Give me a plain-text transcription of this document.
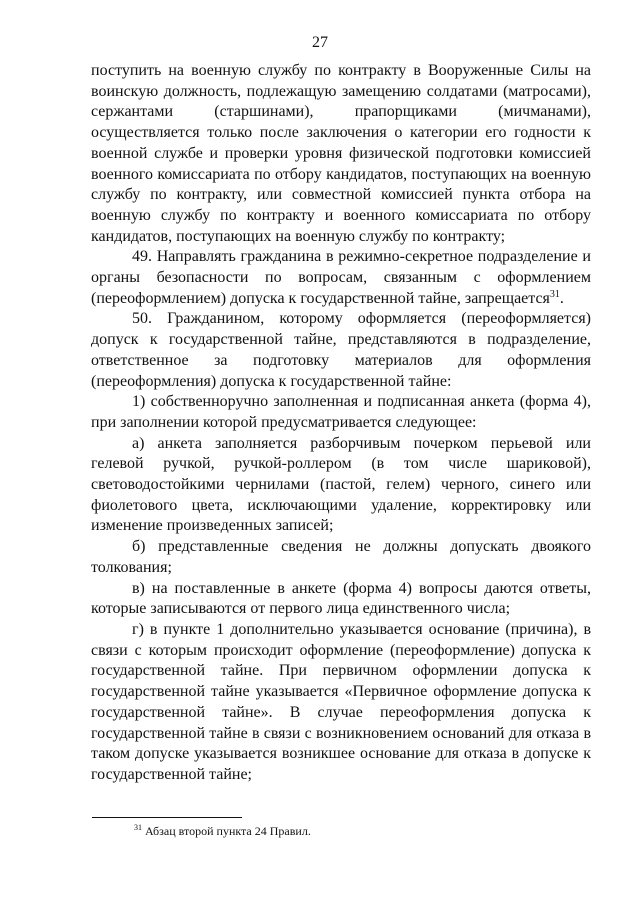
27

поступить на военную службу по контракту в Вооруженные Силы на воинскую должность, подлежащую замещению солдатами (матросами), сержантами (старшинами), прапорщиками (мичманами), осуществляется только после заключения о категории его годности к военной службе и проверки уровня физической подготовки комиссией военного комиссариата по отбору кандидатов, поступающих на военную службу по контракту, или совместной комиссией пункта отбора на военную службу по контракту и военного комиссариата по отбору кандидатов, поступающих на военную службу по контракту;

49. Направлять гражданина в режимно-секретное подразделение и органы безопасности по вопросам, связанным с оформлением (переоформлением) допуска к государственной тайне, запрещается$^{31}$.

50. Гражданином, которому оформляется (переоформляется) допуск к государственной тайне, представляются в подразделение, ответственное за подготовку материалов для оформления (переоформления) допуска к государственной тайне:

1) собственноручно заполненная и подписанная анкета (форма 4), при заполнении которой предусматривается следующее:

а) анкета заполняется разборчивым почерком перьевой или гелевой ручкой, ручкой-роллером (в том числе шариковой), световодостойкими чернилами (пастой, гелем) черного, синего или фиолетового цвета, исключающими удаление, корректировку или изменение произведенных записей;

б) представленные сведения не должны допускать двоякого толкования;

в) на поставленные в анкете (форма 4) вопросы даются ответы, которые записываются от первого лица единственного числа;

г) в пункте 1 дополнительно указывается основание (причина), в связи с которым происходит оформление (переоформление) допуска к государственной тайне. При первичном оформлении допуска к государственной тайне указывается «Первичное оформление допуска к государственной тайне». В случае переоформления допуска к государственной тайне в связи с возникновением оснований для отказа в таком допуске указывается возникшее основание для отказа в допуске к государственной тайне;

$^{31}$ Абзац второй пункта 24 Правил.
